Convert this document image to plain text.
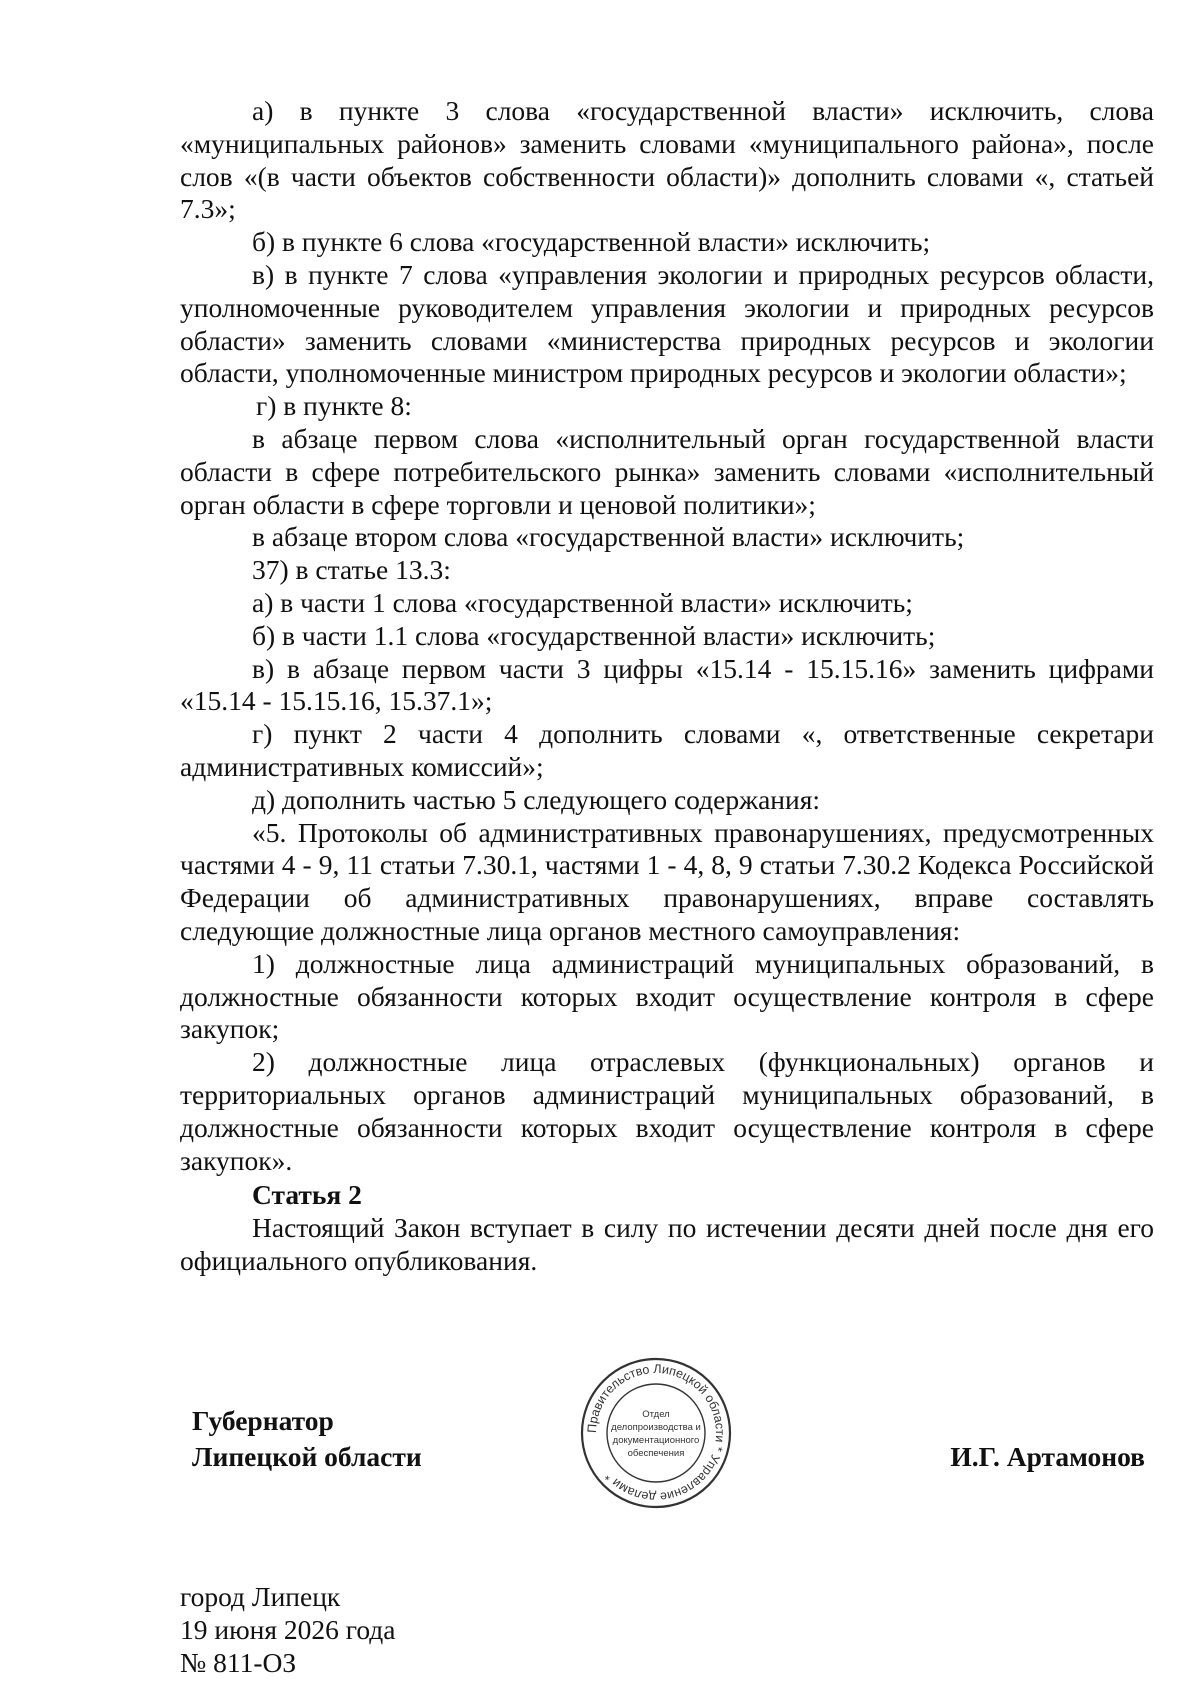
а) в пункте 3 слова «государственной власти» исключить, слова «муниципальных районов» заменить словами «муниципального района», после слов «(в части объектов собственности области)» дополнить словами «, статьей 7.3»;

б) в пункте 6 слова «государственной власти» исключить;

в) в пункте 7 слова «управления экологии и природных ресурсов области, уполномоченные руководителем управления экологии и природных ресурсов области» заменить словами «министерства природных ресурсов и экологии области, уполномоченные министром природных ресурсов и экологии области»;

г) в пункте 8:

в абзаце первом слова «исполнительный орган государственной власти области в сфере потребительского рынка» заменить словами «исполнительный орган области в сфере торговли и ценовой политики»;

в абзаце втором слова «государственной власти» исключить;

37) в статье 13.3:

а) в части 1 слова «государственной власти» исключить;

б) в части 1.1 слова «государственной власти» исключить;

в) в абзаце первом части 3 цифры «15.14 - 15.15.16» заменить цифрами «15.14 - 15.15.16, 15.37.1»;

г) пункт 2 части 4 дополнить словами «, ответственные секретари административных комиссий»;

д) дополнить частью 5 следующего содержания:

«5. Протоколы об административных правонарушениях, предусмотренных частями 4 - 9, 11 статьи 7.30.1, частями 1 - 4, 8, 9 статьи 7.30.2 Кодекса Российской Федерации об административных правонарушениях, вправе составлять следующие должностные лица органов местного самоуправления:

1) должностные лица администраций муниципальных образований, в должностные обязанности которых входит осуществление контроля в сфере закупок;

2) должностные лица отраслевых (функциональных) органов и территориальных органов администраций муниципальных образований, в должностные обязанности которых входит осуществление контроля в сфере закупок».

Статья 2

Настоящий Закон вступает в силу по истечении десяти дней после дня его официального опубликования.

Губернатор
Липецкой области
Правительство Липецкой области * Управление делами *
Отдел
делопроизводства и
документационного
обеспечения	И.Г. Артамонов
город Липецк
19 июня 2026 года
№ 811-ОЗ
